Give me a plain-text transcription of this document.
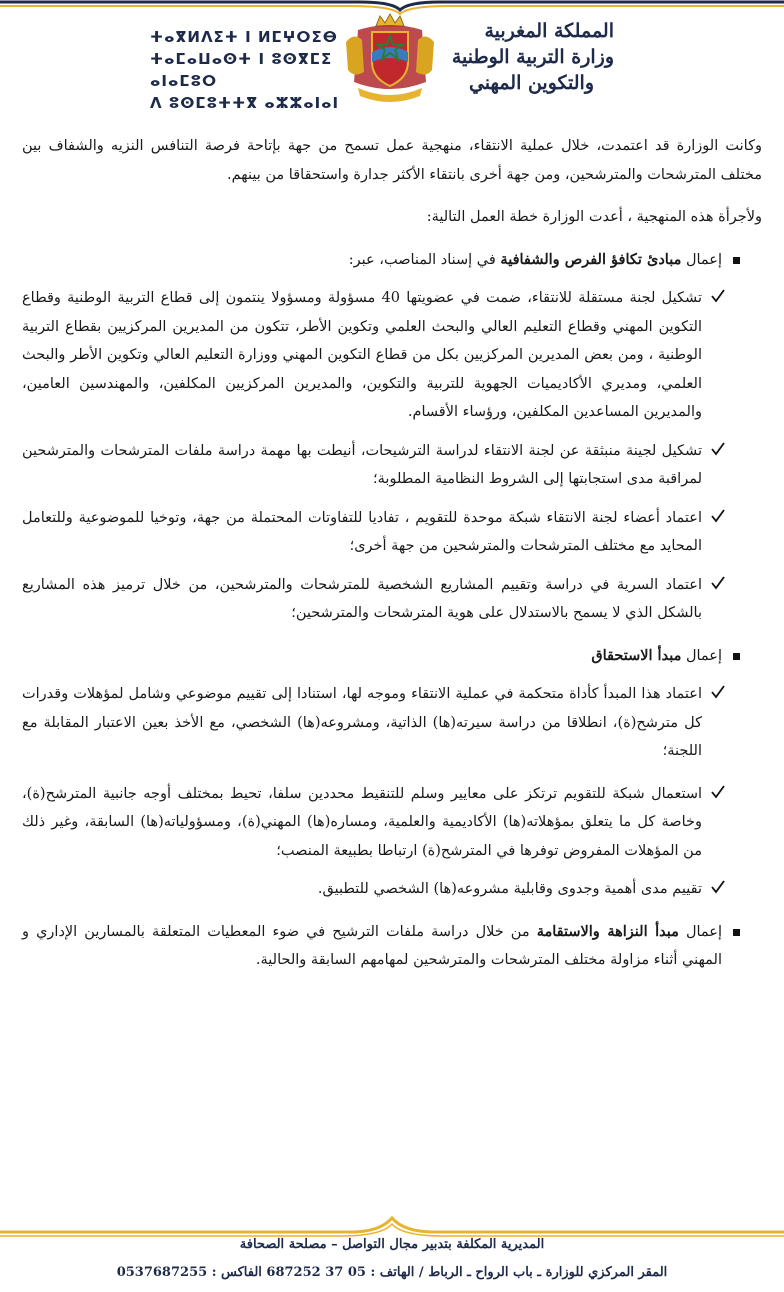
ⵜⴰⴳⵍⴷⵉⵜ ⵏ ⵍⵎⵖⵔⵉⴱ
ⵜⴰⵎⴰⵡⴰⵙⵜ ⵏ ⵓⵙⴳⵎⵉ ⴰⵏⴰⵎⵓⵔ
ⴷ ⵓⵙⵎⵓⵜⵜⴳ ⴰⵣⵣⴰⵏⴰⵏ
المملكة المغربية
وزارة التربية الوطنية
والتكوين المهني

وكانت الوزارة قد اعتمدت، خلال عملية الانتقاء، منهجية عمل تسمح من جهة بإتاحة فرصة التنافس النزيه والشفاف بين مختلف المترشحات والمترشحين، ومن جهة أخرى بانتقاء الأكثر جدارة واستحقاقا من بينهم.

ولأجرأة هذه المنهجية ، أعدت الوزارة خطة العمل التالية:

إعمال مبادئ تكافؤ الفرص والشفافية في إسناد المناصب، عبر:

تشكيل لجنة مستقلة للانتقاء، ضمت في عضويتها 40 مسؤولة ومسؤولا ينتمون إلى قطاع التربية الوطنية وقطاع التكوين المهني وقطاع التعليم العالي والبحث العلمي وتكوين الأطر، تتكون من المديرين المركزيين بقطاع التربية الوطنية ، ومن بعض المديرين المركزيين بكل من قطاع التكوين المهني ووزارة التعليم العالي وتكوين الأطر والبحث العلمي، ومديري الأكاديميات الجهوية للتربية والتكوين، والمديرين المركزيين المكلفين، والمهندسين العامين، والمديرين المساعدين المكلفين، ورؤساء الأقسام.

تشكيل لجينة منبثقة عن لجنة الانتقاء لدراسة الترشيحات، أنيطت بها مهمة دراسة ملفات المترشحات والمترشحين لمراقبة مدى استجابتها إلى الشروط النظامية المطلوبة؛

اعتماد أعضاء لجنة الانتقاء شبكة موحدة للتقويم ، تفاديا للتفاوتات المحتملة من جهة، وتوخيا للموضوعية وللتعامل المحايد مع مختلف المترشحات والمترشحين من جهة أخرى؛

اعتماد السرية في دراسة وتقييم المشاريع الشخصية للمترشحات والمترشحين، من خلال ترميز هذه المشاريع بالشكل الذي لا يسمح بالاستدلال على هوية المترشحات والمترشحين؛

إعمال مبدأ الاستحقاق

اعتماد هذا المبدأ كأداة متحكمة في عملية الانتقاء وموجه لها، استنادا إلى تقييم موضوعي وشامل لمؤهلات وقدرات كل مترشح(ة)، انطلاقا من دراسة سيرته(ها) الذاتية، ومشروعه(ها) الشخصي، مع الأخذ بعين الاعتبار المقابلة مع اللجنة؛

استعمال شبكة للتقويم ترتكز على معايير وسلم للتنقيط محددين سلفا، تحيط بمختلف أوجه جانبية المترشح(ة)، وخاصة كل ما يتعلق بمؤهلاته(ها) الأكاديمية والعلمية، ومساره(ها) المهني(ة)، ومسؤولياته(ها) السابقة، وغير ذلك من المؤهلات المفروض توفرها في المترشح(ة) ارتباطا بطبيعة المنصب؛

تقييم مدى أهمية وجدوى وقابلية مشروعه(ها) الشخصي للتطبيق.

إعمال مبدأ النزاهة والاستقامة من خلال دراسة ملفات الترشيح في ضوء المعطيات المتعلقة بالمسارين الإداري و المهني أثناء مزاولة مختلف المترشحات والمترشحين لمهامهم السابقة والحالية.

المديرية المكلفة بتدبير مجال التواصل – مصلحة الصحافة
المقر المركزي للوزارة ـ باب الرواح ـ الرباط / الهاتف : 05 37 687252 الفاكس : 0537687255
